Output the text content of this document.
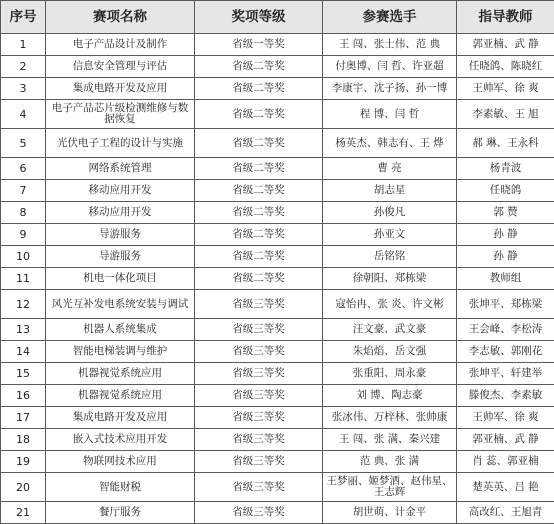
序号	赛项名称	奖项等级	参赛选手	指导教师
1	电子产品设计及制作	省级一等奖	王 闯、张士伟、范 典	郭亚楠、武 静
2	信息安全管理与评估	省级二等奖	付奥博、闫 哲、许亚超	任晓鸽、陈晓红
3	集成电路开发及应用	省级二等奖	李康宇、沈子扬、孙一博	王帅军、徐 爽
4	电子产品芯片级检测维修与数据恢复	省级二等奖	程 博、闫 哲	李素敏、王 旭
5	光伏电子工程的设计与实施	省级二等奖	杨英杰、韩志有、王 烨	郝 琳、王永科
6	网络系统管理	省级二等奖	曹 亮	杨青波
7	移动应用开发	省级二等奖	胡志星	任晓鸽
8	移动应用开发	省级二等奖	孙俊凡	郭 赞
9	导游服务	省级二等奖	孙亚文	孙 静
10	导游服务	省级二等奖	岳铭铭	孙 静
11	机电一体化项目	省级二等奖	徐朝阳、郑栋梁	教师组
12	风光互补发电系统安装与调试	省级三等奖	寇怡冉、张 炎、许文彬	张坤平、郑栋梁
13	机器人系统集成	省级三等奖	汪文豪、武文豪	王会峰、李松涛
14	智能电梯装调与维护	省级三等奖	朱焰焰、岳文强	李志敏、郭刚花
15	机器视觉系统应用	省级三等奖	张重阳、周永豪	张坤平、轩建举
16	机器视觉系统应用	省级三等奖	刘 博、陶志豪	滕俊杰、李素敏
17	集成电路开发及应用	省级三等奖	张冰伟、万梓林、张帅康	王帅军、徐 爽
18	嵌入式技术应用开发	省级三等奖	王 闯、张 满、秦兴建	郭亚楠、武 静
19	物联网技术应用	省级三等奖	范 典、张 满	肖 蕊、郭亚楠
20	智能财税	省级三等奖	王梦丽、姬梦洒、赵伟星、王志辉	楚英英、吕 艳
21	餐厅服务	省级三等奖	胡世萌、计金平	高改红、王旭青
